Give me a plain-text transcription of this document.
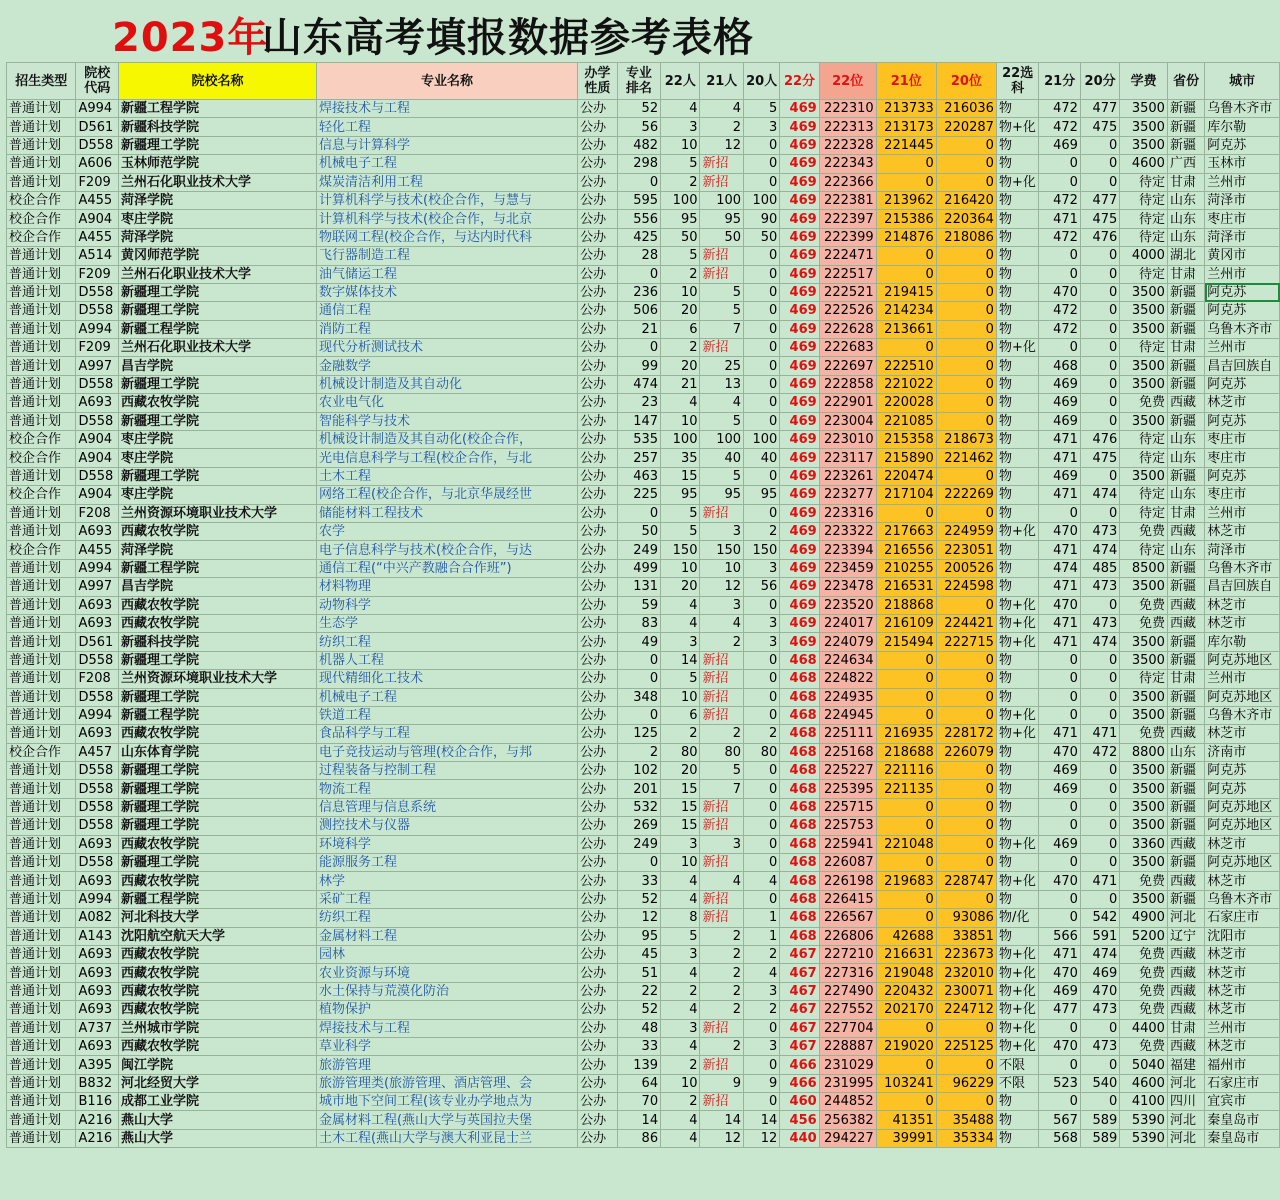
2023年
山东高考填报数据参考表格
招生类型	院校代码	院校名称	专业名称	办学性质	专业排名	22人	21人	20人	22分	22位	21位	20位	22选科	21分	20分	学费	省份	城市
普通计划	A994	新疆工程学院	焊接技术与工程	公办	52	4	4	5	469	222310	213733	216036	物	472	477	3500	新疆	乌鲁木齐市
普通计划	D561	新疆科技学院	轻化工程	公办	56	3	2	3	469	222313	213173	220287	物+化	472	475	3500	新疆	库尔勒
普通计划	D558	新疆理工学院	信息与计算科学	公办	482	10	12	0	469	222328	221445	0	物	469	0	3500	新疆	阿克苏
普通计划	A606	玉林师范学院	机械电子工程	公办	298	5	新招	0	469	222343	0	0	物	0	0	4600	广西	玉林市
普通计划	F209	兰州石化职业技术大学	煤炭清洁利用工程	公办	0	2	新招	0	469	222366	0	0	物+化	0	0	待定	甘肃	兰州市
校企合作	A455	菏泽学院	计算机科学与技术(校企合作，与慧与	公办	595	100	100	100	469	222381	213962	216420	物	472	477	待定	山东	菏泽市
校企合作	A904	枣庄学院	计算机科学与技术(校企合作，与北京	公办	556	95	95	90	469	222397	215386	220364	物	471	475	待定	山东	枣庄市
校企合作	A455	菏泽学院	物联网工程(校企合作，与达内时代科	公办	425	50	50	50	469	222399	214876	218086	物	472	476	待定	山东	菏泽市
普通计划	A514	黄冈师范学院	飞行器制造工程	公办	28	5	新招	0	469	222471	0	0	物	0	0	4000	湖北	黄冈市
普通计划	F209	兰州石化职业技术大学	油气储运工程	公办	0	2	新招	0	469	222517	0	0	物	0	0	待定	甘肃	兰州市
普通计划	D558	新疆理工学院	数字媒体技术	公办	236	10	5	0	469	222521	219415	0	物	470	0	3500	新疆	阿克苏
普通计划	D558	新疆理工学院	通信工程	公办	506	20	5	0	469	222526	214234	0	物	472	0	3500	新疆	阿克苏
普通计划	A994	新疆工程学院	消防工程	公办	21	6	7	0	469	222628	213661	0	物	472	0	3500	新疆	乌鲁木齐市
普通计划	F209	兰州石化职业技术大学	现代分析测试技术	公办	0	2	新招	0	469	222683	0	0	物+化	0	0	待定	甘肃	兰州市
普通计划	A997	昌吉学院	金融数学	公办	99	20	25	0	469	222697	222510	0	物	468	0	3500	新疆	昌吉回族自
普通计划	D558	新疆理工学院	机械设计制造及其自动化	公办	474	21	13	0	469	222858	221022	0	物	469	0	3500	新疆	阿克苏
普通计划	A693	西藏农牧学院	农业电气化	公办	23	4	4	0	469	222901	220028	0	物	469	0	免费	西藏	林芝市
普通计划	D558	新疆理工学院	智能科学与技术	公办	147	10	5	0	469	223004	221085	0	物	469	0	3500	新疆	阿克苏
校企合作	A904	枣庄学院	机械设计制造及其自动化(校企合作，	公办	535	100	100	100	469	223010	215358	218673	物	471	476	待定	山东	枣庄市
校企合作	A904	枣庄学院	光电信息科学与工程(校企合作，与北	公办	257	35	40	40	469	223117	215890	221462	物	471	475	待定	山东	枣庄市
普通计划	D558	新疆理工学院	土木工程	公办	463	15	5	0	469	223261	220474	0	物	469	0	3500	新疆	阿克苏
校企合作	A904	枣庄学院	网络工程(校企合作，与北京华晟经世	公办	225	95	95	95	469	223277	217104	222269	物	471	474	待定	山东	枣庄市
普通计划	F208	兰州资源环境职业技术大学	储能材料工程技术	公办	0	5	新招	0	469	223316	0	0	物	0	0	待定	甘肃	兰州市
普通计划	A693	西藏农牧学院	农学	公办	50	5	3	2	469	223322	217663	224959	物+化	470	473	免费	西藏	林芝市
校企合作	A455	菏泽学院	电子信息科学与技术(校企合作，与达	公办	249	150	150	150	469	223394	216556	223051	物	471	474	待定	山东	菏泽市
普通计划	A994	新疆工程学院	通信工程(“中兴产教融合合作班”)	公办	499	10	10	3	469	223459	210255	200526	物	474	485	8500	新疆	乌鲁木齐市
普通计划	A997	昌吉学院	材料物理	公办	131	20	12	56	469	223478	216531	224598	物	471	473	3500	新疆	昌吉回族自
普通计划	A693	西藏农牧学院	动物科学	公办	59	4	3	0	469	223520	218868	0	物+化	470	0	免费	西藏	林芝市
普通计划	A693	西藏农牧学院	生态学	公办	83	4	4	3	469	224017	216109	224421	物+化	471	473	免费	西藏	林芝市
普通计划	D561	新疆科技学院	纺织工程	公办	49	3	2	3	469	224079	215494	222715	物+化	471	474	3500	新疆	库尔勒
普通计划	D558	新疆理工学院	机器人工程	公办	0	14	新招	0	468	224634	0	0	物	0	0	3500	新疆	阿克苏地区
普通计划	F208	兰州资源环境职业技术大学	现代精细化工技术	公办	0	5	新招	0	468	224822	0	0	物	0	0	待定	甘肃	兰州市
普通计划	D558	新疆理工学院	机械电子工程	公办	348	10	新招	0	468	224935	0	0	物	0	0	3500	新疆	阿克苏地区
普通计划	A994	新疆工程学院	铁道工程	公办	0	6	新招	0	468	224945	0	0	物+化	0	0	3500	新疆	乌鲁木齐市
普通计划	A693	西藏农牧学院	食品科学与工程	公办	125	2	2	2	468	225111	216935	228172	物+化	471	471	免费	西藏	林芝市
校企合作	A457	山东体育学院	电子竞技运动与管理(校企合作，与邦	公办	2	80	80	80	468	225168	218688	226079	物	470	472	8800	山东	济南市
普通计划	D558	新疆理工学院	过程装备与控制工程	公办	102	20	5	0	468	225227	221116	0	物	469	0	3500	新疆	阿克苏
普通计划	D558	新疆理工学院	物流工程	公办	201	15	7	0	468	225395	221135	0	物	469	0	3500	新疆	阿克苏
普通计划	D558	新疆理工学院	信息管理与信息系统	公办	532	15	新招	0	468	225715	0	0	物	0	0	3500	新疆	阿克苏地区
普通计划	D558	新疆理工学院	测控技术与仪器	公办	269	15	新招	0	468	225753	0	0	物	0	0	3500	新疆	阿克苏地区
普通计划	A693	西藏农牧学院	环境科学	公办	249	3	3	0	468	225941	221048	0	物+化	469	0	3360	西藏	林芝市
普通计划	D558	新疆理工学院	能源服务工程	公办	0	10	新招	0	468	226087	0	0	物	0	0	3500	新疆	阿克苏地区
普通计划	A693	西藏农牧学院	林学	公办	33	4	4	4	468	226198	219683	228747	物+化	470	471	免费	西藏	林芝市
普通计划	A994	新疆工程学院	采矿工程	公办	52	4	新招	0	468	226415	0	0	物	0	0	3500	新疆	乌鲁木齐市
普通计划	A082	河北科技大学	纺织工程	公办	12	8	新招	1	468	226567	0	93086	物/化	0	542	4900	河北	石家庄市
普通计划	A143	沈阳航空航天大学	金属材料工程	公办	95	5	2	1	468	226806	42688	33851	物	566	591	5200	辽宁	沈阳市
普通计划	A693	西藏农牧学院	园林	公办	45	3	2	2	467	227210	216631	223673	物+化	471	474	免费	西藏	林芝市
普通计划	A693	西藏农牧学院	农业资源与环境	公办	51	4	2	4	467	227316	219048	232010	物+化	470	469	免费	西藏	林芝市
普通计划	A693	西藏农牧学院	水土保持与荒漠化防治	公办	22	2	2	3	467	227490	220432	230071	物+化	469	470	免费	西藏	林芝市
普通计划	A693	西藏农牧学院	植物保护	公办	52	4	2	2	467	227552	202170	224712	物+化	477	473	免费	西藏	林芝市
普通计划	A737	兰州城市学院	焊接技术与工程	公办	48	3	新招	0	467	227704	0	0	物+化	0	0	4400	甘肃	兰州市
普通计划	A693	西藏农牧学院	草业科学	公办	33	4	2	3	467	228887	219020	225125	物+化	470	473	免费	西藏	林芝市
普通计划	A395	闽江学院	旅游管理	公办	139	2	新招	0	466	231029	0	0	不限	0	0	5040	福建	福州市
普通计划	B832	河北经贸大学	旅游管理类(旅游管理、酒店管理、会	公办	64	10	9	9	466	231995	103241	96229	不限	523	540	4600	河北	石家庄市
普通计划	B116	成都工业学院	城市地下空间工程(该专业办学地点为	公办	70	2	新招	0	460	244852	0	0	物	0	0	4100	四川	宜宾市
普通计划	A216	燕山大学	金属材料工程(燕山大学与英国拉夫堡	公办	14	4	14	14	456	256382	41351	35488	物	567	589	5390	河北	秦皇岛市
普通计划	A216	燕山大学	土木工程(燕山大学与澳大利亚昆士兰	公办	86	4	12	12	440	294227	39991	35334	物	568	589	5390	河北	秦皇岛市
